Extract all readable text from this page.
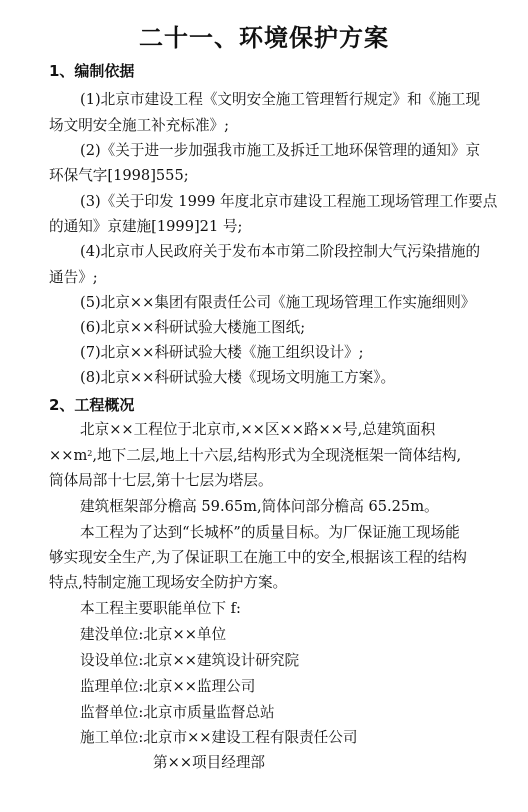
二十一、环境保护方案
1、编制依据
(1)北京市建设工程《文明安全施工管理暂行规定》和《施工现
场文明安全施工补充标准》;
(2)《关于进一步加强我市施工及拆迁工地环保管理的通知》京
环保气字[1998]555;
(3)《关于印发 1999 年度北京市建设工程施工现场管理工作要点
的通知》京建施[1999]21 号;
(4)北京市人民政府关于发布本市第二阶段控制大气污染措施的
通告》;
(5)北京××集团有限责任公司《施工现场管理工作实施细则》
(6)北京××科研试验大楼施工图纸;
(7)北京××科研试验大楼《施工组织设计》;
(8)北京××科研试验大楼《现场文明施工方案》。
2、工程概况
北京××工程位于北京市,××区××路××号,总建筑面积
$\times\times m^2$,地下二层,地上十六层,结构形式为全现浇框架一筒体结构,
筒体局部十七层,第十七层为塔层。
建筑框架部分檐高 59.65m,筒体问部分檐高 65.25m。
本工程为了达到“长城杯”的质量目标。为厂保证施工现场能
够实现安全生产,为了保证职工在施工中的安全,根据该工程的结构
特点,特制定施工现场安全防护方案。
本工程主要职能单位下 f:
建没单位:北京××单位
设设单位:北京××建筑设计研究院
监理单位:北京××监理公司
监督单位:北京市质量监督总站
施工单位:北京市××建设工程有限责任公司
第××项目经理部
